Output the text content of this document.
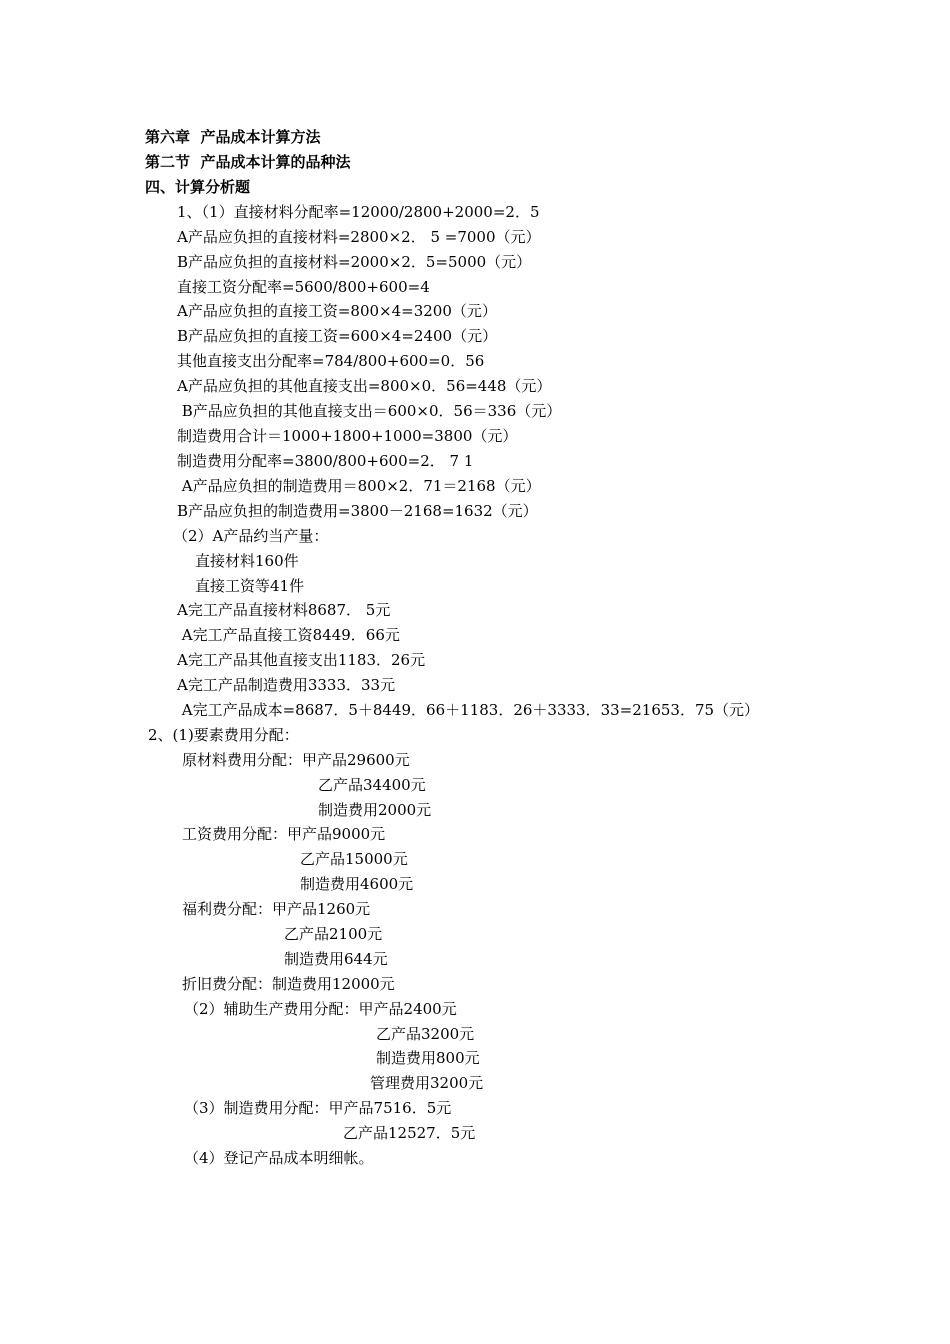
第六章  产品成本计算方法
第二节  产品成本计算的品种法
四、计算分析题
1、（1）直接材料分配率=12000/2800+2000=2．5
A产品应负担的直接材料=2800×2． 5 =7000（元）
B产品应负担的直接材料=2000×2．5=5000（元）
直接工资分配率=5600/800+600=4
A产品应负担的直接工资=800×4=3200（元）
B产品应负担的直接工资=600×4=2400（元）
其他直接支出分配率=784/800+600=0．56
A产品应负担的其他直接支出=800×0．56=448（元）
B产品应负担的其他直接支出＝600×0．56＝336（元）
制造费用合计＝1000+1800+1000=3800（元）
制造费用分配率=3800/800+600=2． 7 1
A产品应负担的制造费用＝800×2．71＝2168（元）
B产品应负担的制造费用=3800－2168=1632（元）
（2）A产品约当产量：
直接材料160件
直接工资等41件
A完工产品直接材料8687． 5元
A完工产品直接工资8449．66元
A完工产品其他直接支出1183．26元
A完工产品制造费用3333．33元
A完工产品成本=8687．5＋8449．66＋1183．26＋3333．33=21653．75（元）
2、(1)要素费用分配：
原材料费用分配：甲产品29600元
乙产品34400元
制造费用2000元
工资费用分配：甲产品9000元
乙产品15000元
制造费用4600元
福利费分配：甲产品1260元
乙产品2100元
制造费用644元
折旧费分配：制造费用12000元
（2）辅助生产费用分配：甲产品2400元
乙产品3200元
制造费用800元
管理费用3200元
（3）制造费用分配：甲产品7516．5元
乙产品12527．5元
（4）登记产品成本明细帐。
